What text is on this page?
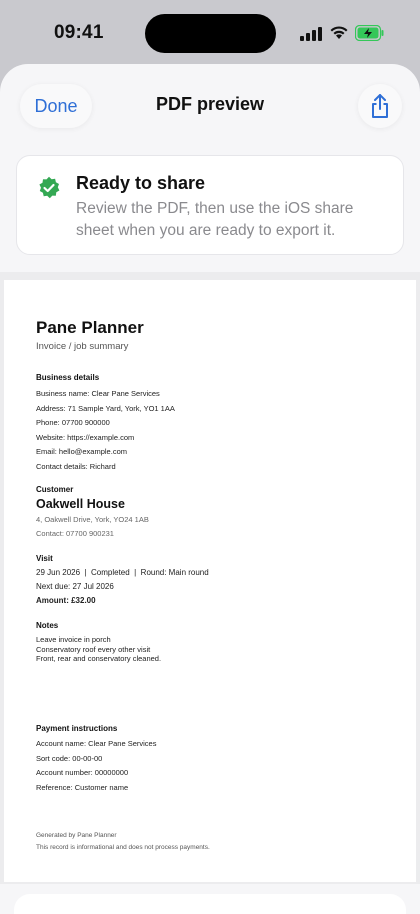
09:41
Done	PDF preview
Ready to share
Review the PDF, then use the iOS share sheet when you are ready to export it.
Pane Planner
Invoice / job summary
Business details
Business name: Clear Pane Services
Address: 71 Sample Yard, York, YO1 1AA
Phone: 07700 900000
Website: https://example.com
Email: hello@example.com
Contact details: Richard
Customer
Oakwell House
4, Oakwell Drive, York, YO24 1AB
Contact: 07700 900231
Visit
29 Jun 2026  |  Completed  |  Round: Main round
Next due: 27 Jul 2026
Amount: £32.00
Notes
Leave invoice in porch
Conservatory roof every other visit
Front, rear and conservatory cleaned.
Payment instructions
Account name: Clear Pane Services
Sort code: 00-00-00
Account number: 00000000
Reference: Customer name
Generated by Pane Planner
This record is informational and does not process payments.
